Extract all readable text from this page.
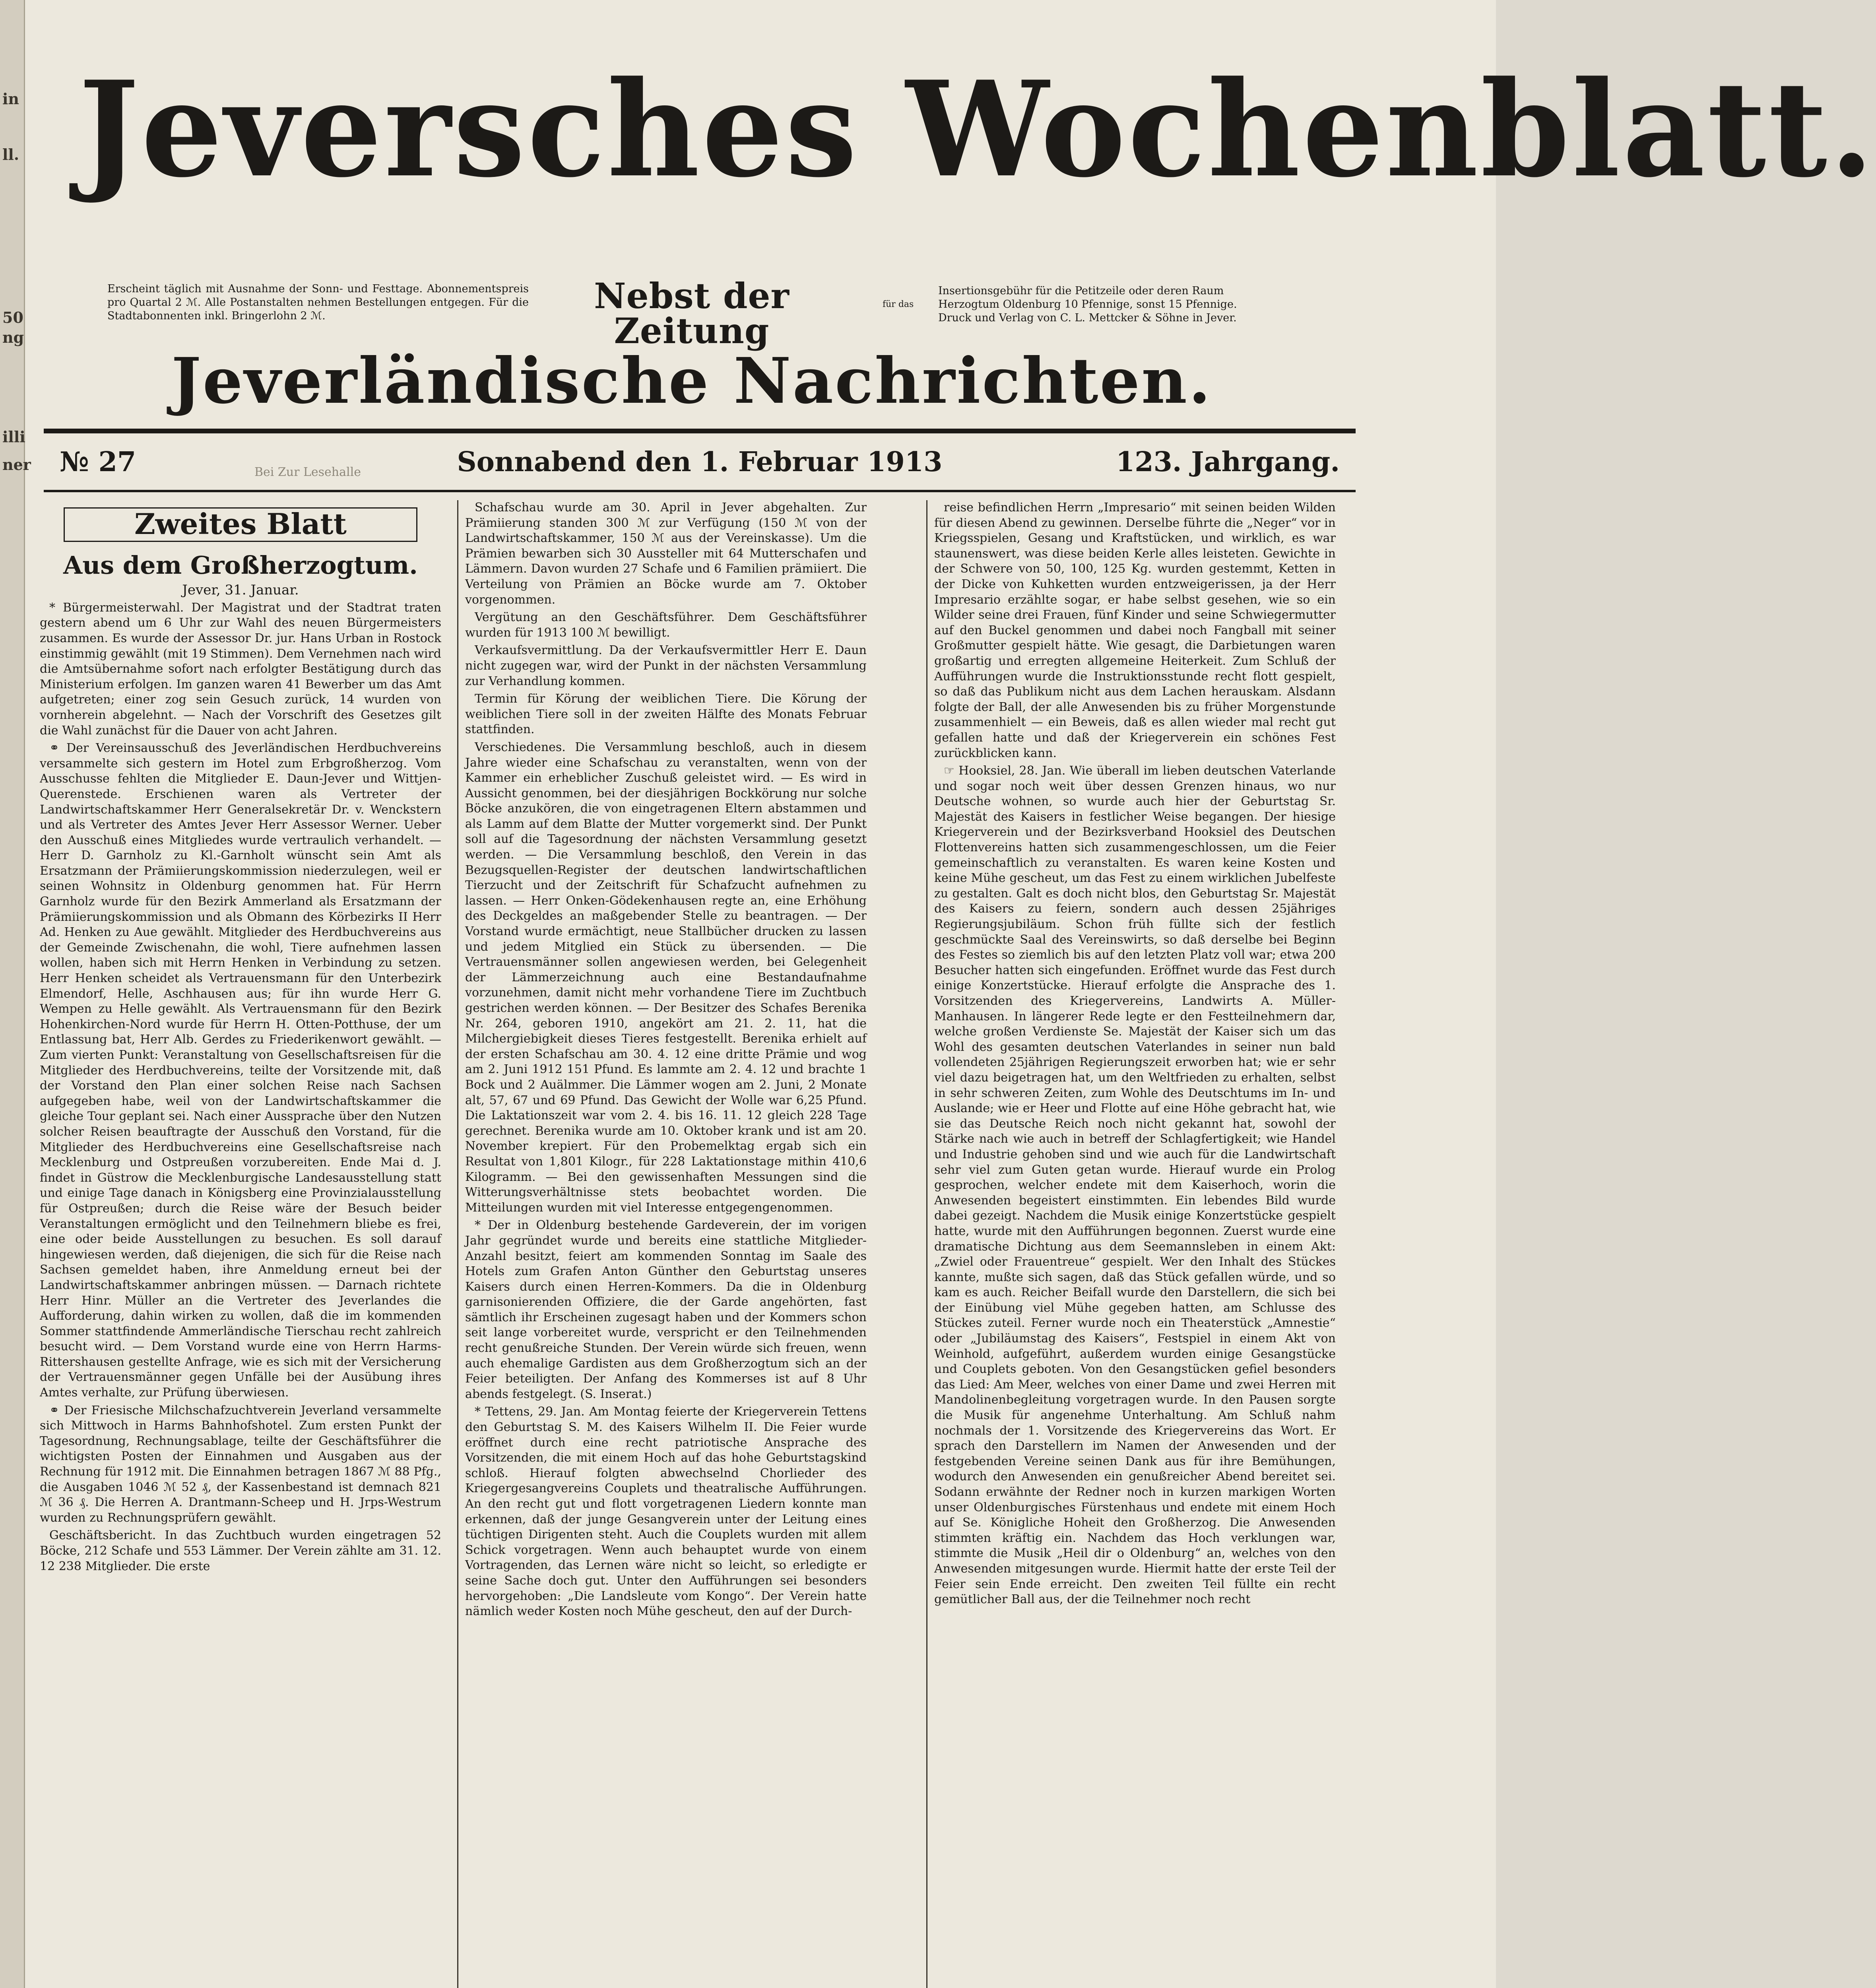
in
ll.
50
ng
illi
ner
Jeversches Wochenblatt.
Erscheint täglich mit Ausnahme der Sonn- und Festtage. Abonnementspreis pro Quartal 2 ℳ. Alle Postanstalten nehmen Bestellungen entgegen. Für die Stadtabonnenten inkl. Bringerlohn 2 ℳ.	Nebst der Zeitung
Insertionsgebühr für die Petitzeile oder deren Raum
für das	Herzogtum Oldenburg 10 Pfennige, sonst 15 Pfennige.
Druck und Verlag von C. L. Mettcker & Söhne in Jever.
Jeverländische Nachrichten.
№ 27	Sonnabend den 1. Februar 1913	123. Jahrgang.
Bei Zur Lesehalle
Zweites Blatt
Aus dem Großherzogtum.
Jever, 31. Januar.

* Bürgermeisterwahl. Der Magistrat und der Stadtrat traten gestern abend um 6 Uhr zur Wahl des neuen Bürgermeisters zusammen. Es wurde der Assessor Dr. jur. Hans Urban in Rostock einstimmig gewählt (mit 19 Stimmen). Dem Vernehmen nach wird die Amtsübernahme sofort nach erfolgter Bestätigung durch das Ministerium erfolgen. Im ganzen waren 41 Bewerber um das Amt aufgetreten; einer zog sein Gesuch zurück, 14 wurden von vornherein abgelehnt. — Nach der Vorschrift des Gesetzes gilt die Wahl zunächst für die Dauer von acht Jahren.

⚭ Der Vereinsausschuß des Jeverländischen Herdbuchvereins versammelte sich gestern im Hotel zum Erbgroßherzog. Vom Ausschusse fehlten die Mitglieder E. Daun-Jever und Wittjen-Querenstede. Erschienen waren als Vertreter der Landwirtschaftskammer Herr Generalsekretär Dr. v. Wenckstern und als Vertreter des Amtes Jever Herr Assessor Werner. Ueber den Ausschuß eines Mitgliedes wurde vertraulich verhandelt. — Herr D. Garnholz zu Kl.-Garnholt wünscht sein Amt als Ersatzmann der Prämiierungskommission niederzulegen, weil er seinen Wohnsitz in Oldenburg genommen hat. Für Herrn Garnholz wurde für den Bezirk Ammerland als Ersatzmann der Prämiierungskommission und als Obmann des Körbezirks II Herr Ad. Henken zu Aue gewählt. Mitglieder des Herdbuchvereins aus der Gemeinde Zwischenahn, die wohl, Tiere aufnehmen lassen wollen, haben sich mit Herrn Henken in Verbindung zu setzen. Herr Henken scheidet als Vertrauensmann für den Unterbezirk Elmendorf, Helle, Aschhausen aus; für ihn wurde Herr G. Wempen zu Helle gewählt. Als Vertrauensmann für den Bezirk Hohenkirchen-Nord wurde für Herrn H. Otten-Potthuse, der um Entlassung bat, Herr Alb. Gerdes zu Friederikenwort gewählt. — Zum vierten Punkt: Veranstaltung von Gesellschaftsreisen für die Mitglieder des Herdbuchvereins, teilte der Vorsitzende mit, daß der Vorstand den Plan einer solchen Reise nach Sachsen aufgegeben habe, weil von der Landwirtschaftskammer die gleiche Tour geplant sei. Nach einer Aussprache über den Nutzen solcher Reisen beauftragte der Ausschuß den Vorstand, für die Mitglieder des Herdbuchvereins eine Gesellschaftsreise nach Mecklenburg und Ostpreußen vorzubereiten. Ende Mai d. J. findet in Güstrow die Mecklenburgische Landesausstellung statt und einige Tage danach in Königsberg eine Provinzialausstellung für Ostpreußen; durch die Reise wäre der Besuch beider Veranstaltungen ermöglicht und den Teilnehmern bliebe es frei, eine oder beide Ausstellungen zu besuchen. Es soll darauf hingewiesen werden, daß diejenigen, die sich für die Reise nach Sachsen gemeldet haben, ihre Anmeldung erneut bei der Landwirtschaftskammer anbringen müssen. — Darnach richtete Herr Hinr. Müller an die Vertreter des Jeverlandes die Aufforderung, dahin wirken zu wollen, daß die im kommenden Sommer stattfindende Ammerländische Tierschau recht zahlreich besucht wird. — Dem Vorstand wurde eine von Herrn Harms-Rittershausen gestellte Anfrage, wie es sich mit der Versicherung der Vertrauensmänner gegen Unfälle bei der Ausübung ihres Amtes verhalte, zur Prüfung überwiesen.

⚭ Der Friesische Milchschafzuchtverein Jeverland versammelte sich Mittwoch in Harms Bahnhofshotel. Zum ersten Punkt der Tagesordnung, Rechnungsablage, teilte der Geschäftsführer die wichtigsten Posten der Einnahmen und Ausgaben aus der Rechnung für 1912 mit. Die Einnahmen betragen 1867 ℳ 88 Pfg., die Ausgaben 1046 ℳ 52 ₰, der Kassenbestand ist demnach 821 ℳ 36 ₰. Die Herren A. Drantmann-Scheep und H. Jrps-Westrum wurden zu Rechnungsprüfern gewählt.

Geschäftsbericht. In das Zuchtbuch wurden eingetragen 52 Böcke, 212 Schafe und 553 Lämmer. Der Verein zählte am 31. 12. 12 238 Mitglieder. Die erste

Schafschau wurde am 30. April in Jever abgehalten. Zur Prämiierung standen 300 ℳ zur Verfügung (150 ℳ von der Landwirtschaftskammer, 150 ℳ aus der Vereinskasse). Um die Prämien bewarben sich 30 Aussteller mit 64 Mutterschafen und Lämmern. Davon wurden 27 Schafe und 6 Familien prämiiert. Die Verteilung von Prämien an Böcke wurde am 7. Oktober vorgenommen.

Vergütung an den Geschäftsführer. Dem Geschäftsführer wurden für 1913 100 ℳ bewilligt.

Verkaufsvermittlung. Da der Verkaufsvermittler Herr E. Daun nicht zugegen war, wird der Punkt in der nächsten Versammlung zur Verhandlung kommen.

Termin für Körung der weiblichen Tiere. Die Körung der weiblichen Tiere soll in der zweiten Hälfte des Monats Februar stattfinden.

Verschiedenes. Die Versammlung beschloß, auch in diesem Jahre wieder eine Schafschau zu veranstalten, wenn von der Kammer ein erheblicher Zuschuß geleistet wird. — Es wird in Aussicht genommen, bei der diesjährigen Bockkörung nur solche Böcke anzukören, die von eingetragenen Eltern abstammen und als Lamm auf dem Blatte der Mutter vorgemerkt sind. Der Punkt soll auf die Tagesordnung der nächsten Versammlung gesetzt werden. — Die Versammlung beschloß, den Verein in das Bezugsquellen-Register der deutschen landwirtschaftlichen Tierzucht und der Zeitschrift für Schafzucht aufnehmen zu lassen. — Herr Onken-Gödekenhausen regte an, eine Erhöhung des Deckgeldes an maßgebender Stelle zu beantragen. — Der Vorstand wurde ermächtigt, neue Stallbücher drucken zu lassen und jedem Mitglied ein Stück zu übersenden. — Die Vertrauensmänner sollen angewiesen werden, bei Gelegenheit der Lämmerzeichnung auch eine Bestandaufnahme vorzunehmen, damit nicht mehr vorhandene Tiere im Zuchtbuch gestrichen werden können. — Der Besitzer des Schafes Berenika Nr. 264, geboren 1910, angekört am 21. 2. 11, hat die Milchergiebigkeit dieses Tieres festgestellt. Berenika erhielt auf der ersten Schafschau am 30. 4. 12 eine dritte Prämie und wog am 2. Juni 1912 151 Pfund. Es lammte am 2. 4. 12 und brachte 1 Bock und 2 Auälmmer. Die Lämmer wogen am 2. Juni, 2 Monate alt, 57, 67 und 69 Pfund. Das Gewicht der Wolle war 6,25 Pfund. Die Laktationszeit war vom 2. 4. bis 16. 11. 12 gleich 228 Tage gerechnet. Berenika wurde am 10. Oktober krank und ist am 20. November krepiert. Für den Probemelktag ergab sich ein Resultat von 1,801 Kilogr., für 228 Laktationstage mithin 410,6 Kilogramm. — Bei den gewissenhaften Messungen sind die Witterungsverhältnisse stets beobachtet worden. Die Mitteilungen wurden mit viel Interesse entgegengenommen.

* Der in Oldenburg bestehende Gardeverein, der im vorigen Jahr gegründet wurde und bereits eine stattliche Mitglieder-Anzahl besitzt, feiert am kommenden Sonntag im Saale des Hotels zum Grafen Anton Günther den Geburtstag unseres Kaisers durch einen Herren-Kommers. Da die in Oldenburg garnisonierenden Offiziere, die der Garde angehörten, fast sämtlich ihr Erscheinen zugesagt haben und der Kommers schon seit lange vorbereitet wurde, verspricht er den Teilnehmenden recht genußreiche Stunden. Der Verein würde sich freuen, wenn auch ehemalige Gardisten aus dem Großherzogtum sich an der Feier beteiligten. Der Anfang des Kommerses ist auf 8 Uhr abends festgelegt. (S. Inserat.)

* Tettens, 29. Jan. Am Montag feierte der Kriegerverein Tettens den Geburtstag S. M. des Kaisers Wilhelm II. Die Feier wurde eröffnet durch eine recht patriotische Ansprache des Vorsitzenden, die mit einem Hoch auf das hohe Geburtstagskind schloß. Hierauf folgten abwechselnd Chorlieder des Kriegergesangvereins Couplets und theatralische Aufführungen. An den recht gut und flott vorgetragenen Liedern konnte man erkennen, daß der junge Gesangverein unter der Leitung eines tüchtigen Dirigenten steht. Auch die Couplets wurden mit allem Schick vorgetragen. Wenn auch behauptet wurde von einem Vortragenden, das Lernen wäre nicht so leicht, so erledigte er seine Sache doch gut. Unter den Aufführungen sei besonders hervorgehoben: „Die Landsleute vom Kongo“. Der Verein hatte nämlich weder Kosten noch Mühe gescheut, den auf der Durch-

reise befindlichen Herrn „Impresario“ mit seinen beiden Wilden für diesen Abend zu gewinnen. Derselbe führte die „Neger“ vor in Kriegsspielen, Gesang und Kraftstücken, und wirklich, es war staunenswert, was diese beiden Kerle alles leisteten. Gewichte in der Schwere von 50, 100, 125 Kg. wurden gestemmt, Ketten in der Dicke von Kuhketten wurden entzweigerissen, ja der Herr Impresario erzählte sogar, er habe selbst gesehen, wie so ein Wilder seine drei Frauen, fünf Kinder und seine Schwiegermutter auf den Buckel genommen und dabei noch Fangball mit seiner Großmutter gespielt hätte. Wie gesagt, die Darbietungen waren großartig und erregten allgemeine Heiterkeit. Zum Schluß der Aufführungen wurde die Instruktionsstunde recht flott gespielt, so daß das Publikum nicht aus dem Lachen herauskam. Alsdann folgte der Ball, der alle Anwesenden bis zu früher Morgenstunde zusammenhielt — ein Beweis, daß es allen wieder mal recht gut gefallen hatte und daß der Kriegerverein ein schönes Fest zurückblicken kann.

☞ Hooksiel, 28. Jan. Wie überall im lieben deutschen Vaterlande und sogar noch weit über dessen Grenzen hinaus, wo nur Deutsche wohnen, so wurde auch hier der Geburtstag Sr. Majestät des Kaisers in festlicher Weise begangen. Der hiesige Kriegerverein und der Bezirksverband Hooksiel des Deutschen Flottenvereins hatten sich zusammengeschlossen, um die Feier gemeinschaftlich zu veranstalten. Es waren keine Kosten und keine Mühe gescheut, um das Fest zu einem wirklichen Jubelfeste zu gestalten. Galt es doch nicht blos, den Geburtstag Sr. Majestät des Kaisers zu feiern, sondern auch dessen 25jähriges Regierungsjubiläum. Schon früh füllte sich der festlich geschmückte Saal des Vereinswirts, so daß derselbe bei Beginn des Festes so ziemlich bis auf den letzten Platz voll war; etwa 200 Besucher hatten sich eingefunden. Eröffnet wurde das Fest durch einige Konzertstücke. Hierauf erfolgte die Ansprache des 1. Vorsitzenden des Kriegervereins, Landwirts A. Müller-Manhausen. In längerer Rede legte er den Festteilnehmern dar, welche großen Verdienste Se. Majestät der Kaiser sich um das Wohl des gesamten deutschen Vaterlandes in seiner nun bald vollendeten 25jährigen Regierungszeit erworben hat; wie er sehr viel dazu beigetragen hat, um den Weltfrieden zu erhalten, selbst in sehr schweren Zeiten, zum Wohle des Deutschtums im In- und Auslande; wie er Heer und Flotte auf eine Höhe gebracht hat, wie sie das Deutsche Reich noch nicht gekannt hat, sowohl der Stärke nach wie auch in betreff der Schlagfertigkeit; wie Handel und Industrie gehoben sind und wie auch für die Landwirtschaft sehr viel zum Guten getan wurde. Hierauf wurde ein Prolog gesprochen, welcher endete mit dem Kaiserhoch, worin die Anwesenden begeistert einstimmten. Ein lebendes Bild wurde dabei gezeigt. Nachdem die Musik einige Konzertstücke gespielt hatte, wurde mit den Aufführungen begonnen. Zuerst wurde eine dramatische Dichtung aus dem Seemannsleben in einem Akt: „Zwiel oder Frauentreue“ gespielt. Wer den Inhalt des Stückes kannte, mußte sich sagen, daß das Stück gefallen würde, und so kam es auch. Reicher Beifall wurde den Darstellern, die sich bei der Einübung viel Mühe gegeben hatten, am Schlusse des Stückes zuteil. Ferner wurde noch ein Theaterstück „Amnestie“ oder „Jubiläumstag des Kaisers“, Festspiel in einem Akt von Weinhold, aufgeführt, außerdem wurden einige Gesangstücke und Couplets geboten. Von den Gesangstücken gefiel besonders das Lied: Am Meer, welches von einer Dame und zwei Herren mit Mandolinenbegleitung vorgetragen wurde. In den Pausen sorgte die Musik für angenehme Unterhaltung. Am Schluß nahm nochmals der 1. Vorsitzende des Kriegervereins das Wort. Er sprach den Darstellern im Namen der Anwesenden und der festgebenden Vereine seinen Dank aus für ihre Bemühungen, wodurch den Anwesenden ein genußreicher Abend bereitet sei. Sodann erwähnte der Redner noch in kurzen markigen Worten unser Oldenburgisches Fürstenhaus und endete mit einem Hoch auf Se. Königliche Hoheit den Großherzog. Die Anwesenden stimmten kräftig ein. Nachdem das Hoch verklungen war, stimmte die Musik „Heil dir o Oldenburg“ an, welches von den Anwesenden mitgesungen wurde. Hiermit hatte der erste Teil der Feier sein Ende erreicht. Den zweiten Teil füllte ein recht gemütlicher Ball aus, der die Teilnehmer noch recht
